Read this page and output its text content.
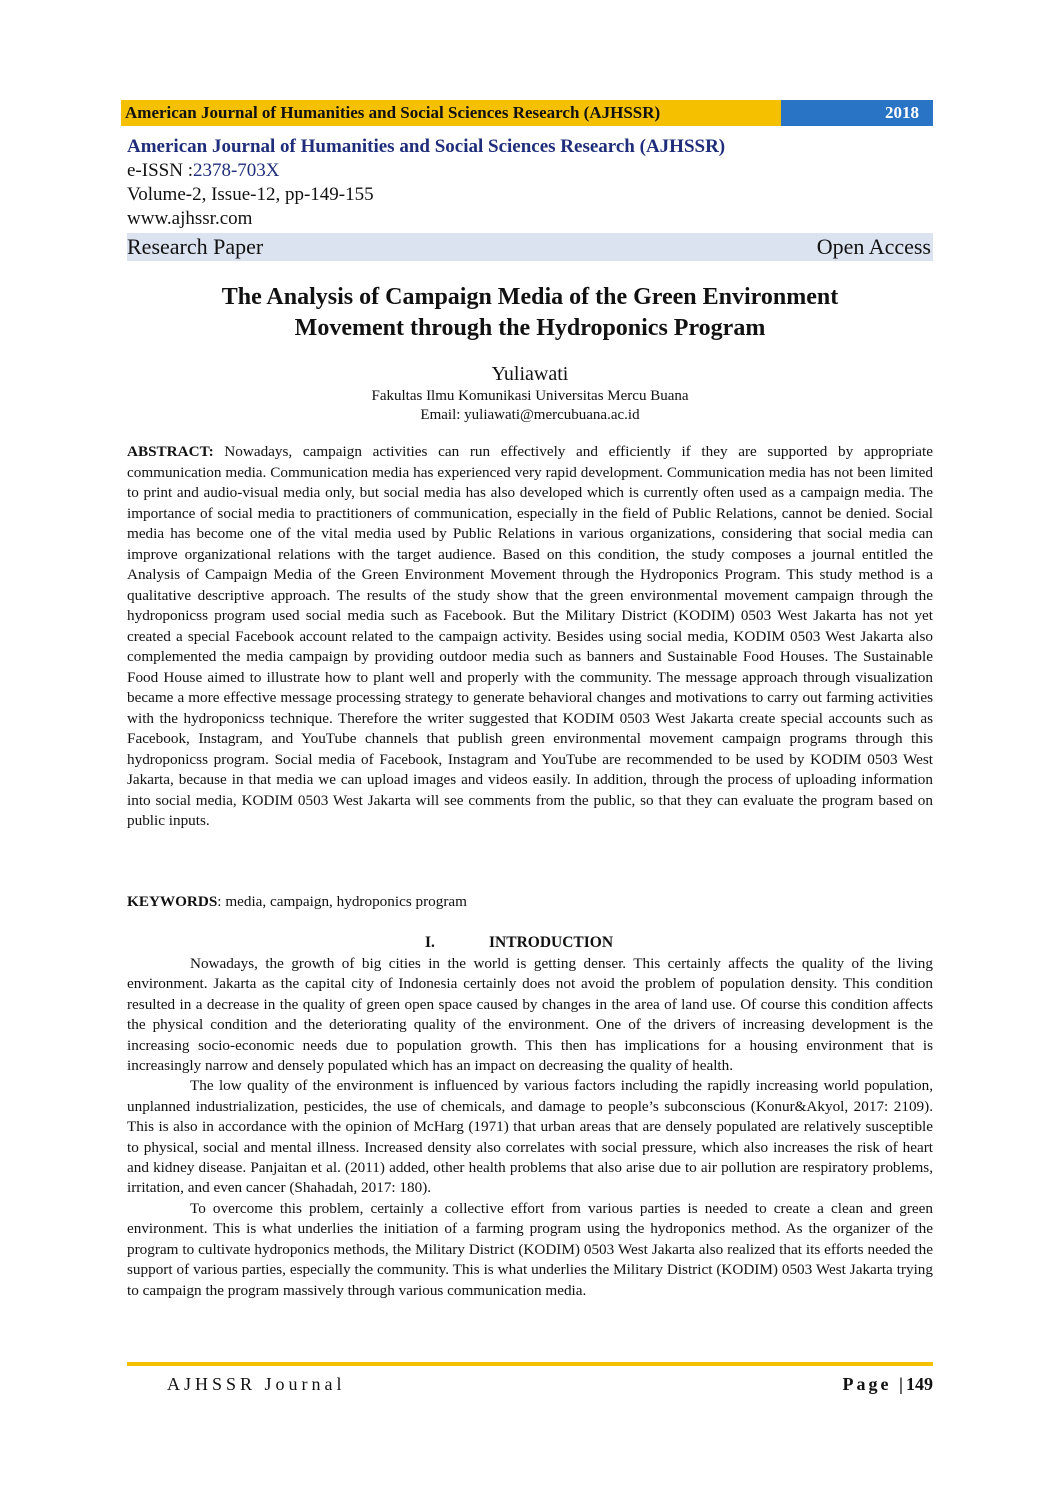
American Journal of Humanities and Social Sciences Research (AJHSSR)	2018
American Journal of Humanities and Social Sciences Research (AJHSSR)
e-ISSN :2378-703X
Volume-2, Issue-12, pp-149-155
www.ajhssr.com
Research Paper	Open Access
The Analysis of Campaign Media of the Green Environment
Movement through the Hydroponics Program
Yuliawati
Fakultas Ilmu Komunikasi Universitas Mercu Buana
Email: yuliawati@mercubuana.ac.id
ABSTRACT: Nowadays, campaign activities can run effectively and efficiently if they are supported by appropriate communication media. Communication media has experienced very rapid development. Communication media has not been limited to print and audio-visual media only, but social media has also developed which is currently often used as a campaign media. The importance of social media to practitioners of communication, especially in the field of Public Relations, cannot be denied. Social media has become one of the vital media used by Public Relations in various organizations, considering that social media can improve organizational relations with the target audience. Based on this condition, the study composes a journal entitled the Analysis of Campaign Media of the Green Environment Movement through the Hydroponics Program. This study method is a qualitative descriptive approach. The results of the study show that the green environmental movement campaign through the hydroponicss program used social media such as Facebook. But the Military District (KODIM) 0503 West Jakarta has not yet created a special Facebook account related to the campaign activity. Besides using social media, KODIM 0503 West Jakarta also complemented the media campaign by providing outdoor media such as banners and Sustainable Food Houses. The Sustainable Food House aimed to illustrate how to plant well and properly with the community. The message approach through visualization became a more effective message processing strategy to generate behavioral changes and motivations to carry out farming activities with the hydroponicss technique. Therefore the writer suggested that KODIM 0503 West Jakarta create special accounts such as Facebook, Instagram, and YouTube channels that publish green environmental movement campaign programs through this hydroponicss program. Social media of Facebook, Instagram and YouTube are recommended to be used by KODIM 0503 West Jakarta, because in that media we can upload images and videos easily. In addition, through the process of uploading information into social media, KODIM 0503 West Jakarta will see comments from the public, so that they can evaluate the program based on public inputs.
KEYWORDS: media, campaign, hydroponics program
I.	INTRODUCTION

Nowadays, the growth of big cities in the world is getting denser. This certainly affects the quality of the living environment. Jakarta as the capital city of Indonesia certainly does not avoid the problem of population density. This condition resulted in a decrease in the quality of green open space caused by changes in the area of land use. Of course this condition affects the physical condition and the deteriorating quality of the environment. One of the drivers of increasing development is the increasing socio-economic needs due to population growth. This then has implications for a housing environment that is increasingly narrow and densely populated which has an impact on decreasing the quality of health.

The low quality of the environment is influenced by various factors including the rapidly increasing world population, unplanned industrialization, pesticides, the use of chemicals, and damage to people’s subconscious (Konur&Akyol, 2017: 2109). This is also in accordance with the opinion of McHarg (1971) that urban areas that are densely populated are relatively susceptible to physical, social and mental illness. Increased density also correlates with social pressure, which also increases the risk of heart and kidney disease. Panjaitan et al. (2011) added, other health problems that also arise due to air pollution are respiratory problems, irritation, and even cancer (Shahadah, 2017: 180).

To overcome this problem, certainly a collective effort from various parties is needed to create a clean and green environment. This is what underlies the initiation of a farming program using the hydroponics method. As the organizer of the program to cultivate hydroponics methods, the Military District (KODIM) 0503 West Jakarta also realized that its efforts needed the support of various parties, especially the community. This is what underlies the Military District (KODIM) 0503 West Jakarta trying to campaign the program massively through various communication media.

AJHSSR Journal	Page |149
